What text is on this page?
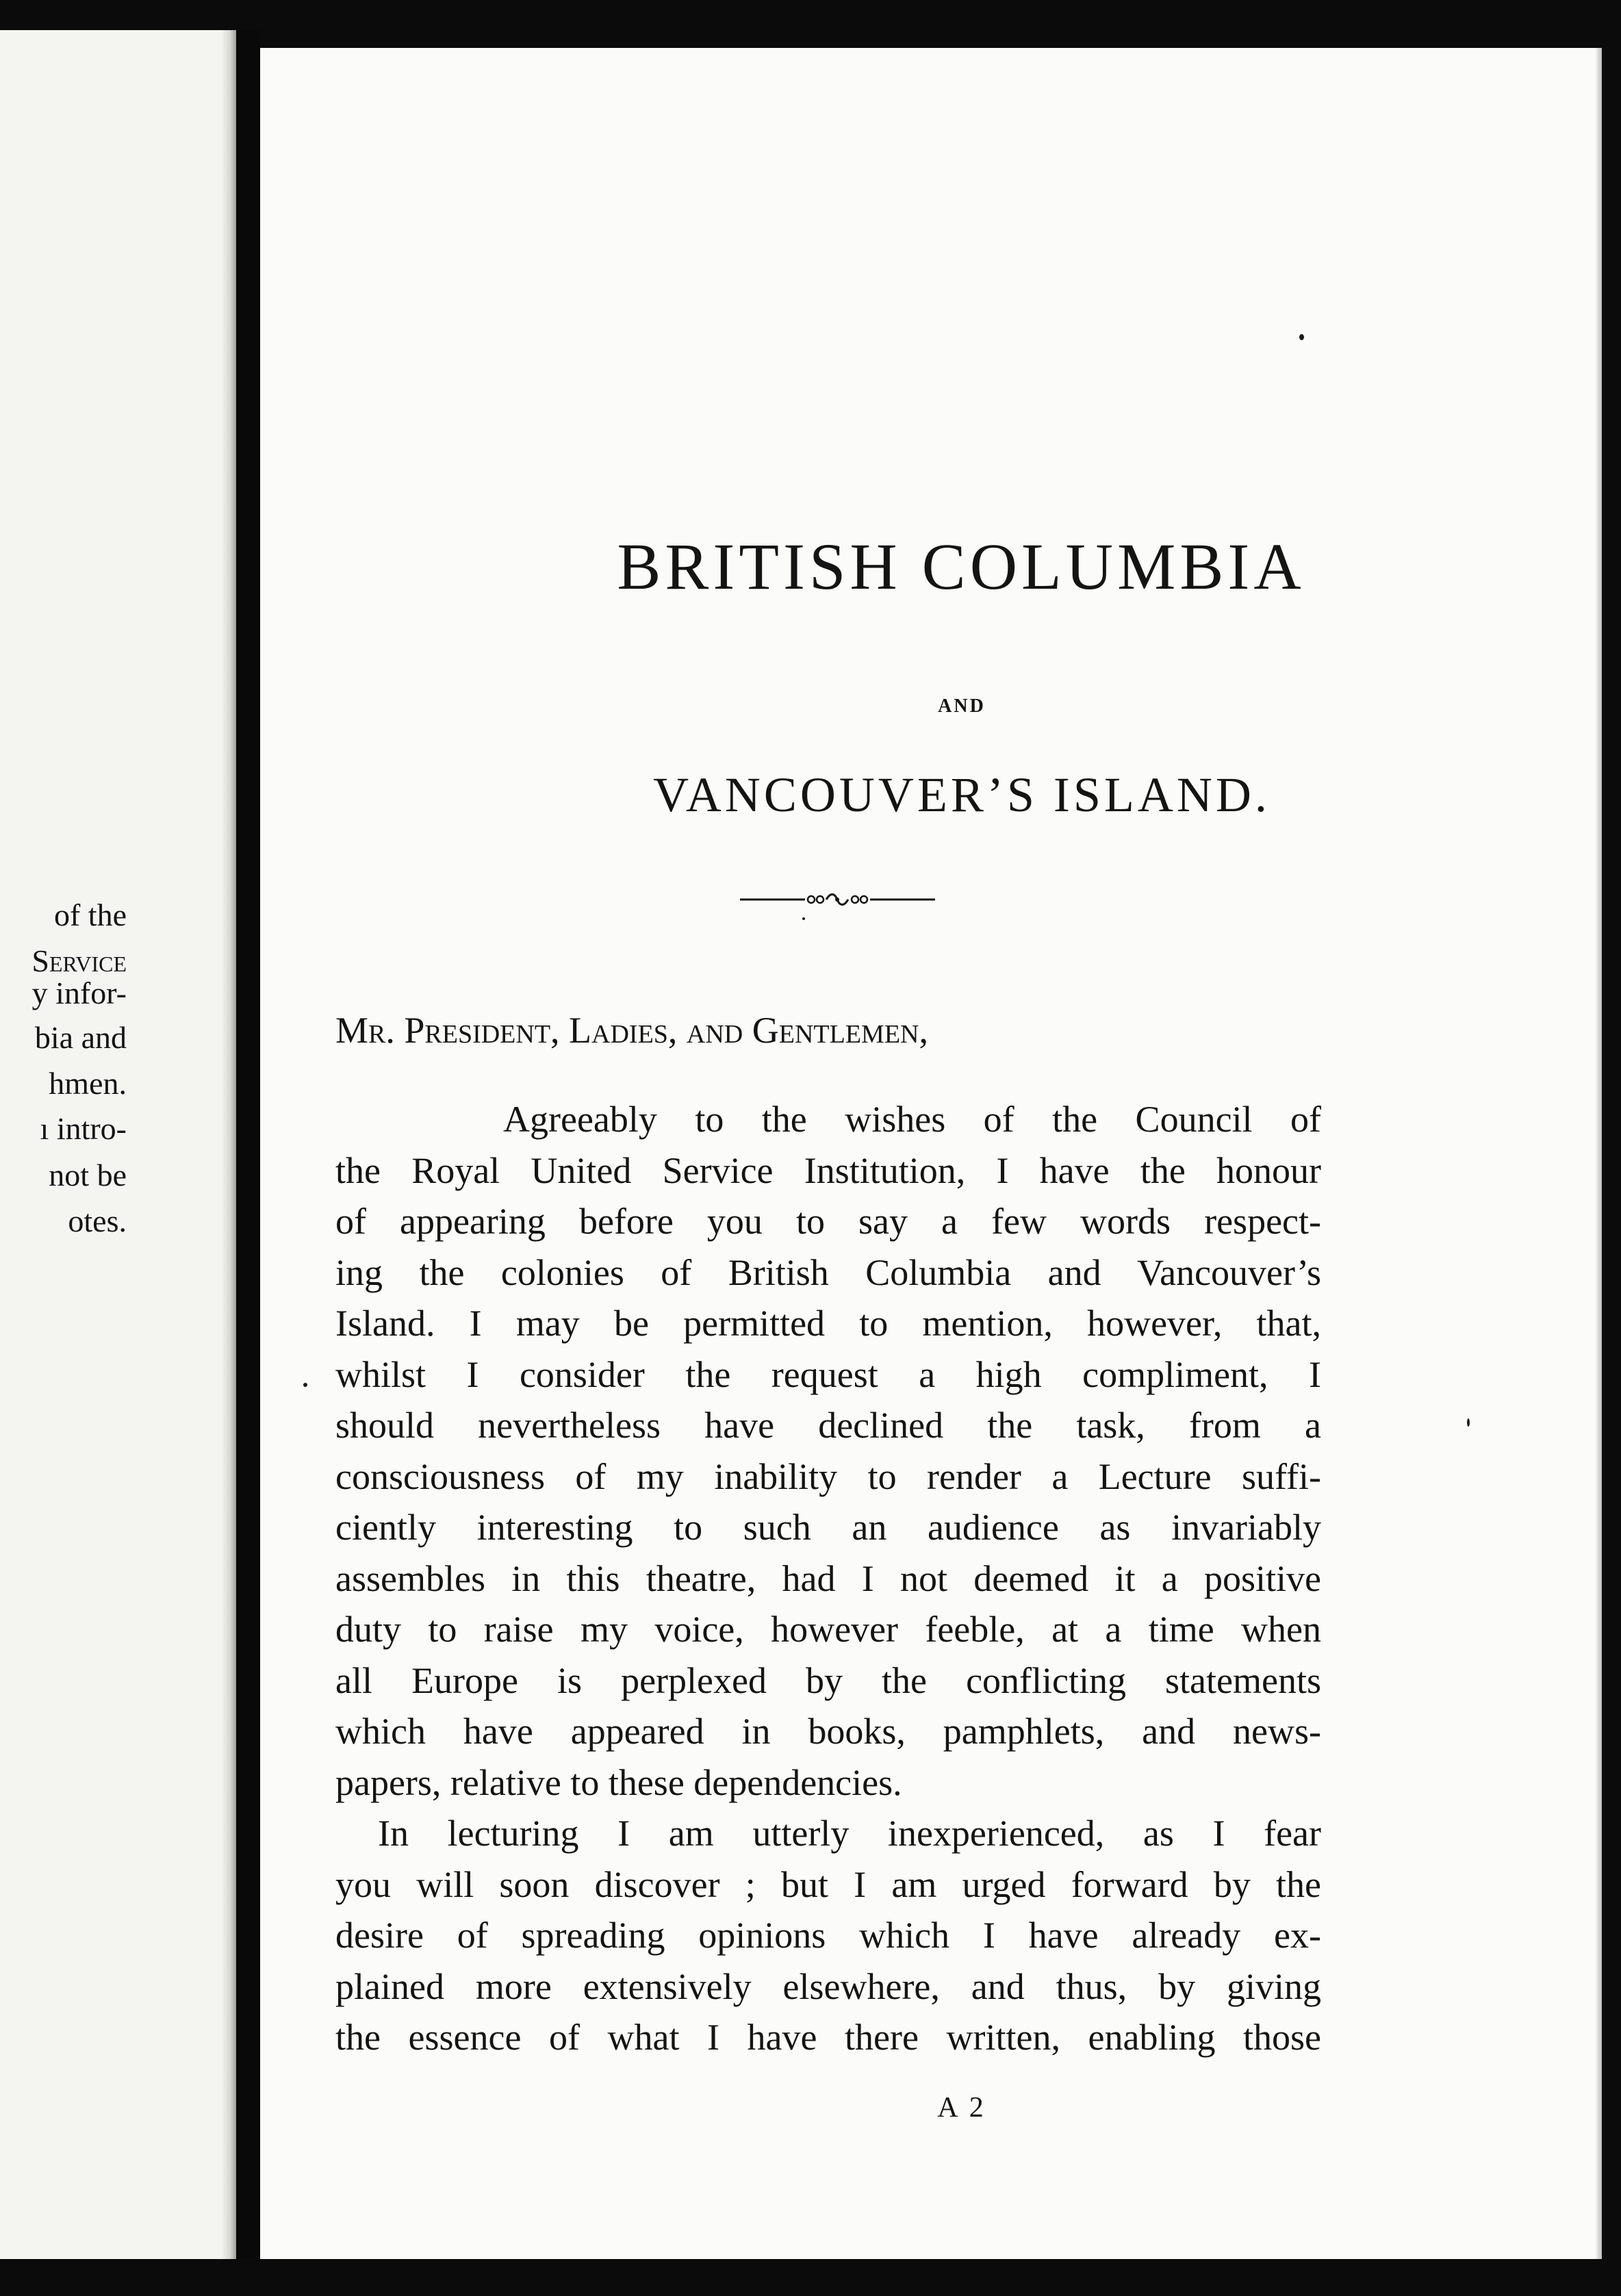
of the
Service
y infor-
bia and
hmen.
ı intro-
not be
otes.
BRITISH COLUMBIA
AND
VANCOUVER’S ISLAND.
Mr. President, Ladies, and Gentlemen,
Agreeably to the wishes of the Council of
the Royal United Service Institution, I have the honour
of appearing before you to say a few words respect-
ing the colonies of British Columbia and Vancouver’s
Island. I may be permitted to mention, however, that,
whilst I consider the request a high compliment, I
should nevertheless have declined the task, from a
consciousness of my inability to render a Lecture suffi-
ciently interesting to such an audience as invariably
assembles in this theatre, had I not deemed it a positive
duty to raise my voice, however feeble, at a time when
all Europe is perplexed by the conflicting statements
which have appeared in books, pamphlets, and news-
papers, relative to these dependencies.
In lecturing I am utterly inexperienced, as I fear
you will soon discover ; but I am urged forward by the
desire of spreading opinions which I have already ex-
plained more extensively elsewhere, and thus, by giving
the essence of what I have there written, enabling those
A 2
